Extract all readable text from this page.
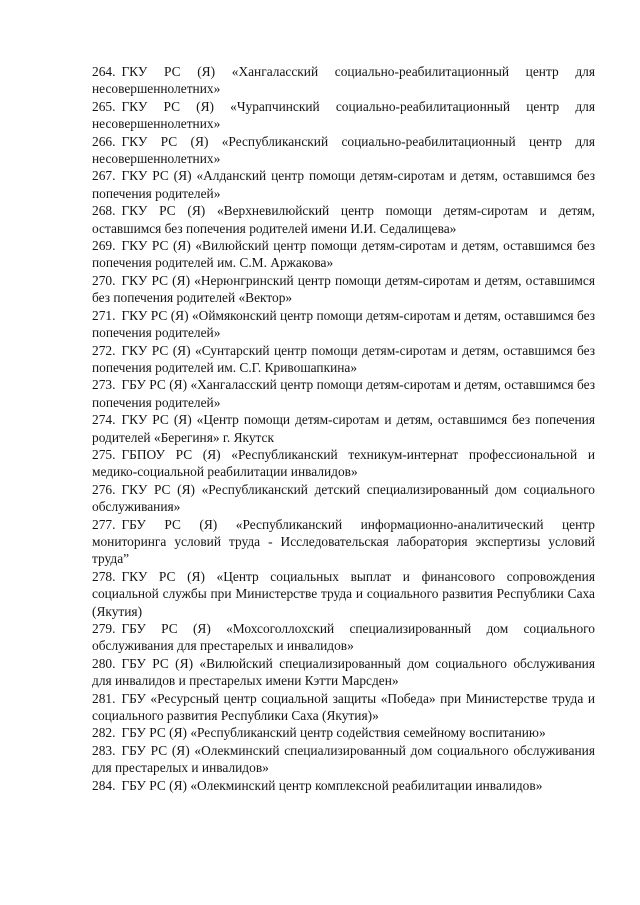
264. ГКУ РС (Я) «Хангаласский социально-реабилитационный центр для несовершеннолетних»
265. ГКУ РС (Я) «Чурапчинский социально-реабилитационный центр для несовершеннолетних»
266. ГКУ РС (Я) «Республиканский социально-реабилитационный центр для несовершеннолетних»
267. ГКУ РС (Я) «Алданский центр помощи детям-сиротам и детям, оставшимся без попечения родителей»
268. ГКУ РС (Я) «Верхневилюйский центр помощи детям-сиротам и детям, оставшимся без попечения родителей имени И.И. Седалищева»
269. ГКУ РС (Я) «Вилюйский центр помощи детям-сиротам и детям, оставшимся без попечения родителей им. С.М. Аржакова»
270. ГКУ РС (Я) «Нерюнгринский центр помощи детям-сиротам и детям, оставшимся без попечения родителей «Вектор»
271. ГКУ РС (Я) «Оймяконский центр помощи детям-сиротам и детям, оставшимся без попечения родителей»
272. ГКУ РС (Я) «Сунтарский центр помощи детям-сиротам и детям, оставшимся без попечения родителей им. С.Г. Кривошапкина»
273. ГБУ РС (Я) «Хангаласский центр помощи детям-сиротам и детям, оставшимся без попечения родителей»
274. ГКУ РС (Я) «Центр помощи детям-сиротам и детям, оставшимся без попечения родителей «Берегиня» г. Якутск
275. ГБПОУ РС (Я) «Республиканский техникум-интернат профессиональной и медико-социальной реабилитации инвалидов»
276. ГКУ РС (Я) «Республиканский детский специализированный дом социального обслуживания»
277. ГБУ РС (Я) «Республиканский информационно-аналитический центр мониторинга условий труда - Исследовательская лаборатория экспертизы условий труда”
278. ГКУ РС (Я) «Центр социальных выплат и финансового сопровождения социальной службы при Министерстве труда и социального развития Республики Саха (Якутия)
279. ГБУ РС (Я) «Мохсоголлохский специализированный дом социального обслуживания для престарелых и инвалидов»
280. ГБУ РС (Я) «Вилюйский специализированный дом социального обслуживания для инвалидов и престарелых имени Кэтти Марсден»
281. ГБУ «Ресурсный центр социальной защиты «Победа» при Министерстве труда и социального развития Республики Саха (Якутия)»
282. ГБУ РС (Я) «Республиканский центр содействия семейному воспитанию»
283. ГБУ РС (Я) «Олекминский специализированный дом социального обслуживания для престарелых и инвалидов»
284. ГБУ РС (Я) «Олекминский центр комплексной реабилитации инвалидов»
